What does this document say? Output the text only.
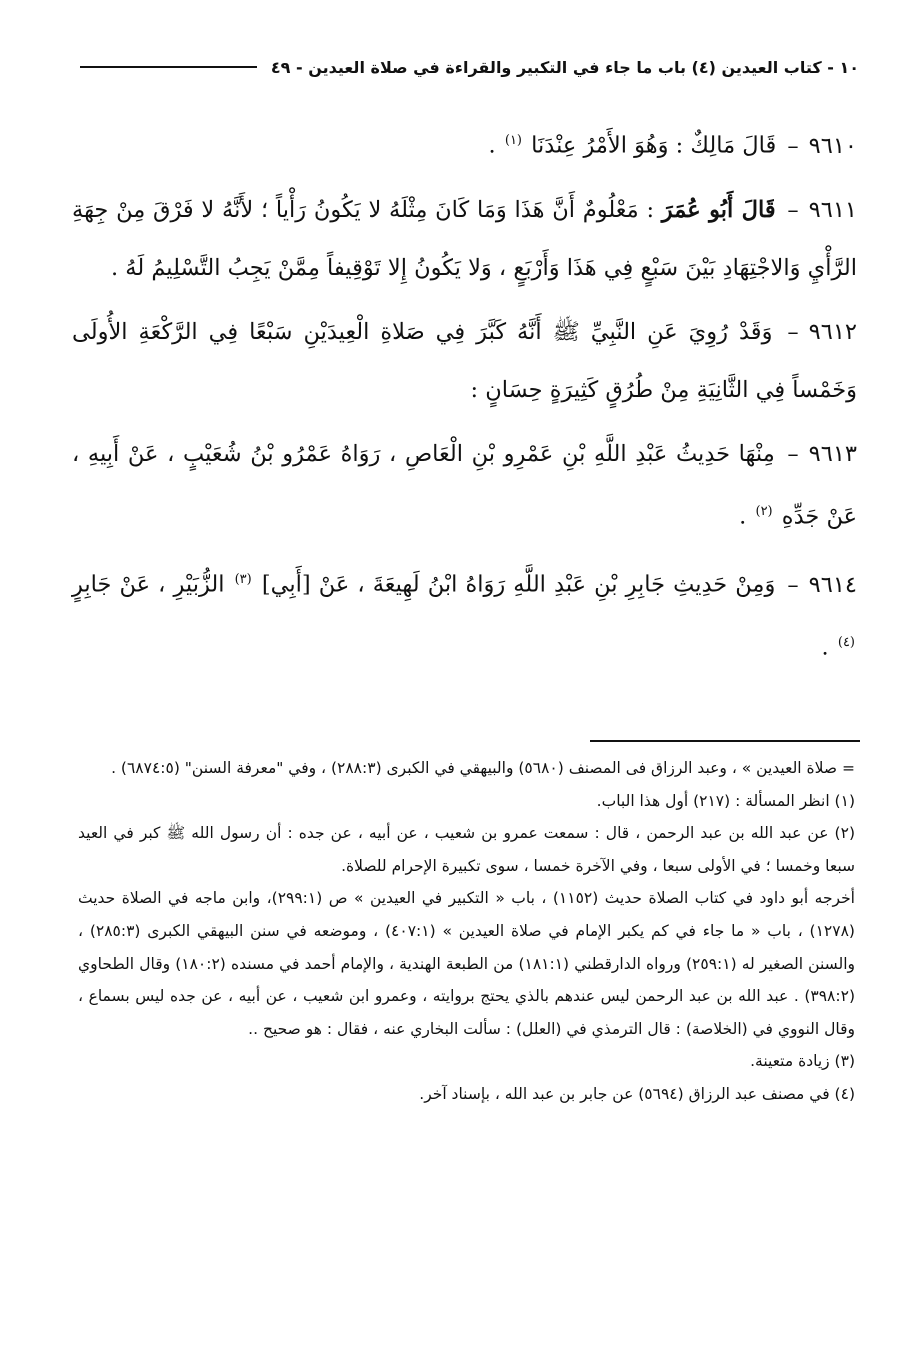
١٠ - كتاب العيدين (٤) باب ما جاء في التكبير والقراءة في صلاة العيدين - ٤٩

٩٦١٠– قَالَ مَالِكٌ : وَهُوَ الأَمْرُ عِنْدَنَا $^{(١)}$ .

٩٦١١– قَالَ أَبُو عُمَرَ : مَعْلُومٌ أَنَّ هَذَا وَمَا كَانَ مِثْلَهُ لا يَكُونُ رَأْياً ؛ لأَنَّهُ لا فَرْقَ مِنْ جِهَةِ الرَّأْيِ وَالاجْتِهَادِ بَيْنَ سَبْعٍ فِي هَذَا وَأَرْبَعٍ ، وَلا يَكُونُ إِلا تَوْقِيفاً مِمَّنْ يَجِبُ التَّسْلِيمُ لَهُ .

٩٦١٢– وَقَدْ رُوِيَ عَنِ النَّبِيِّ ﷺ أَنَّهُ كَبَّرَ فِي صَلاةِ الْعِيدَيْنِ سَبْعًا فِي الرَّكْعَةِ الأُولَى وَخَمْساً فِي الثَّانِيَةِ مِنْ طُرُقٍ كَثِيرَةٍ حِسَانٍ :

٩٦١٣– مِنْهَا حَدِيثُ عَبْدِ اللَّهِ بْنِ عَمْرِو بْنِ الْعَاصِ ، رَوَاهُ عَمْرُو بْنُ شُعَيْبٍ ، عَنْ أَبِيهِ ، عَنْ جَدِّهِ $^{(٢)}$ .

٩٦١٤– وَمِنْ حَدِيثِ جَابِرِ بْنِ عَبْدِ اللَّهِ رَوَاهُ ابْنُ لَهِيعَةَ ، عَنْ [أَبِي] $^{(٣)}$ الزُّبَيْرِ ، عَنْ جَابِرٍ $^{(٤)}$ .

= صلاة العيدين » ، وعبد الرزاق فى المصنف (٥٦٨٠) والبيهقي في الكبرى (٢٨٨:٣) ، وفي "معرفة السنن" (٦٨٧٤:٥) .

(١) انظر المسألة : (٢١٧) أول هذا الباب.

(٢) عن عبد الله بن عبد الرحمن ، قال : سمعت عمرو بن شعيب ، عن أبيه ، عن جده : أن رسول الله ﷺ كبر في العيد سبعا وخمسا ؛ في الأولى سبعا ، وفي الآخرة خمسا ، سوى تكبيرة الإحرام للصلاة.

أخرجه أبو داود في كتاب الصلاة حديث (١١٥٢) ، باب « التكبير في العيدين » ص (٢٩٩:١)، وابن ماجه في الصلاة حديث (١٢٧٨) ، باب « ما جاء في كم يكبر الإمام في صلاة العيدين » (٤٠٧:١) ، وموضعه في سنن البيهقي الكبرى (٢٨٥:٣) ، والسنن الصغير له (٢٥٩:١) ورواه الدارقطني (١٨١:١) من الطبعة الهندية ، والإمام أحمد في مسنده (١٨٠:٢) وقال الطحاوي (٣٩٨:٢) . عبد الله بن عبد الرحمن ليس عندهم بالذي يحتج بروايته ، وعمرو ابن شعيب ، عن أبيه ، عن جده ليس بسماع ، وقال النووي في (الخلاصة) : قال الترمذي في (العلل) : سألت البخاري عنه ، فقال : هو صحيح ..

(٣) زيادة متعينة.

(٤) في مصنف عبد الرزاق (٥٦٩٤) عن جابر بن عبد الله ، بإسناد آخر.
